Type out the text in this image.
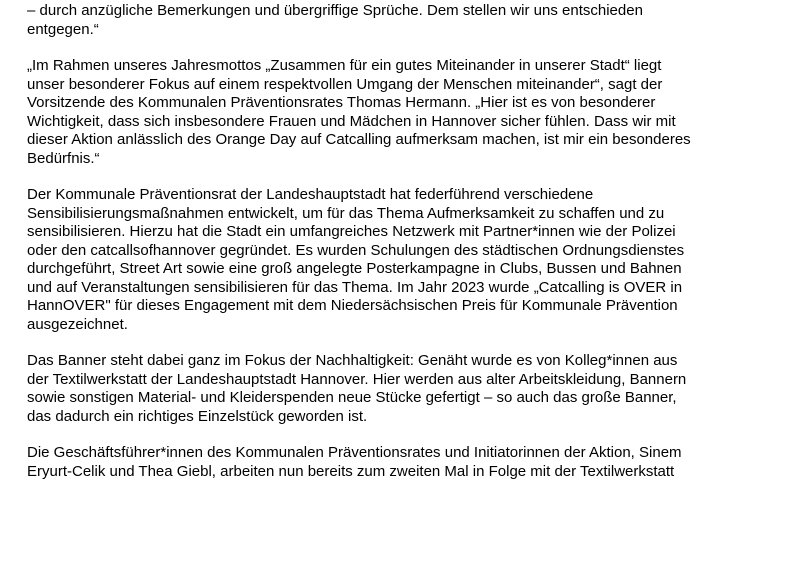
– durch anzügliche Bemerkungen und übergriffige Sprüche. Dem stellen wir uns entschieden
entgegen.“
„Im Rahmen unseres Jahresmottos „Zusammen für ein gutes Miteinander in unserer Stadt“ liegt
unser besonderer Fokus auf einem respektvollen Umgang der Menschen miteinander“, sagt der
Vorsitzende des Kommunalen Präventionsrates Thomas Hermann. „Hier ist es von besonderer
Wichtigkeit, dass sich insbesondere Frauen und Mädchen in Hannover sicher fühlen. Dass wir mit
dieser Aktion anlässlich des Orange Day auf Catcalling aufmerksam machen, ist mir ein besonderes
Bedürfnis.“
Der Kommunale Präventionsrat der Landeshauptstadt hat federführend verschiedene
Sensibilisierungsmaßnahmen entwickelt, um für das Thema Aufmerksamkeit zu schaffen und zu
sensibilisieren. Hierzu hat die Stadt ein umfangreiches Netzwerk mit Partner*innen wie der Polizei
oder den catcallsofhannover gegründet. Es wurden Schulungen des städtischen Ordnungsdienstes
durchgeführt, Street Art sowie eine groß angelegte Posterkampagne in Clubs, Bussen und Bahnen
und auf Veranstaltungen sensibilisieren für das Thema. Im Jahr 2023 wurde „Catcalling is OVER in
HannOVER" für dieses Engagement mit dem Niedersächsischen Preis für Kommunale Prävention
ausgezeichnet.
Das Banner steht dabei ganz im Fokus der Nachhaltigkeit: Genäht wurde es von Kolleg*innen aus
der Textilwerkstatt der Landeshauptstadt Hannover. Hier werden aus alter Arbeitskleidung, Bannern
sowie sonstigen Material- und Kleiderspenden neue Stücke gefertigt – so auch das große Banner,
das dadurch ein richtiges Einzelstück geworden ist.
Die Geschäftsführer*innen des Kommunalen Präventionsrates und Initiatorinnen der Aktion, Sinem
Eryurt-Celik und Thea Giebl, arbeiten nun bereits zum zweiten Mal in Folge mit der Textilwerkstatt
